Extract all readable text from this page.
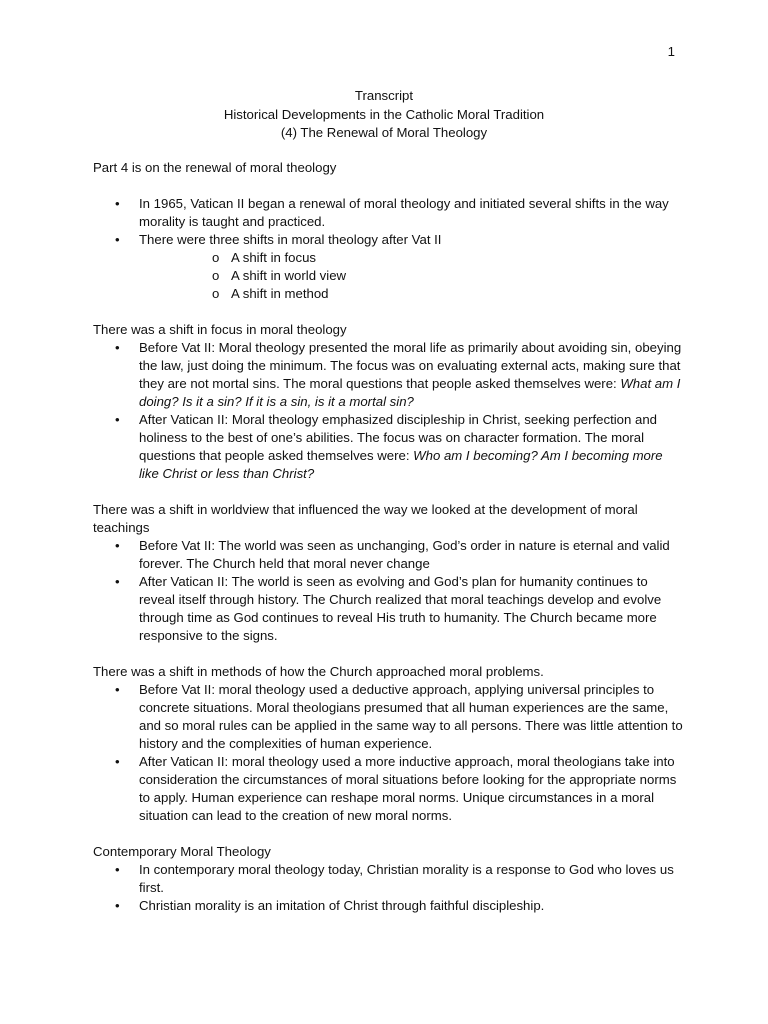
1
Transcript
Historical Developments in the Catholic Moral Tradition
(4) The Renewal of Moral Theology

Part 4 is on the renewal of moral theology

• In 1965, Vatican II began a renewal of moral theology and initiated several shifts in the way morality is taught and practiced.
• There were three shifts in moral theology after Vat II
o A shift in focus
o A shift in world view
o A shift in method

There was a shift in focus in moral theology

• Before Vat II: Moral theology presented the moral life as primarily about avoiding sin, obeying the law, just doing the minimum. The focus was on evaluating external acts, making sure that they are not mortal sins. The moral questions that people asked themselves were: What am I doing? Is it a sin? If it is a sin, is it a mortal sin?
• After Vatican II: Moral theology emphasized discipleship in Christ, seeking perfection and holiness to the best of one’s abilities. The focus was on character formation. The moral questions that people asked themselves were: Who am I becoming? Am I becoming more like Christ or less than Christ?

There was a shift in worldview that influenced the way we looked at the development of moral teachings

• Before Vat II: The world was seen as unchanging, God’s order in nature is eternal and valid forever. The Church held that moral never change
• After Vatican II: The world is seen as evolving and God’s plan for humanity continues to reveal itself through history. The Church realized that moral teachings develop and evolve through time as God continues to reveal His truth to humanity. The Church became more responsive to the signs.

There was a shift in methods of how the Church approached moral problems.

• Before Vat II: moral theology used a deductive approach, applying universal principles to concrete situations. Moral theologians presumed that all human experiences are the same, and so moral rules can be applied in the same way to all persons. There was little attention to history and the complexities of human experience.
• After Vatican II: moral theology used a more inductive approach, moral theologians take into consideration the circumstances of moral situations before looking for the appropriate norms to apply. Human experience can reshape moral norms. Unique circumstances in a moral situation can lead to the creation of new moral norms.

Contemporary Moral Theology

• In contemporary moral theology today, Christian morality is a response to God who loves us first.
• Christian morality is an imitation of Christ through faithful discipleship.
